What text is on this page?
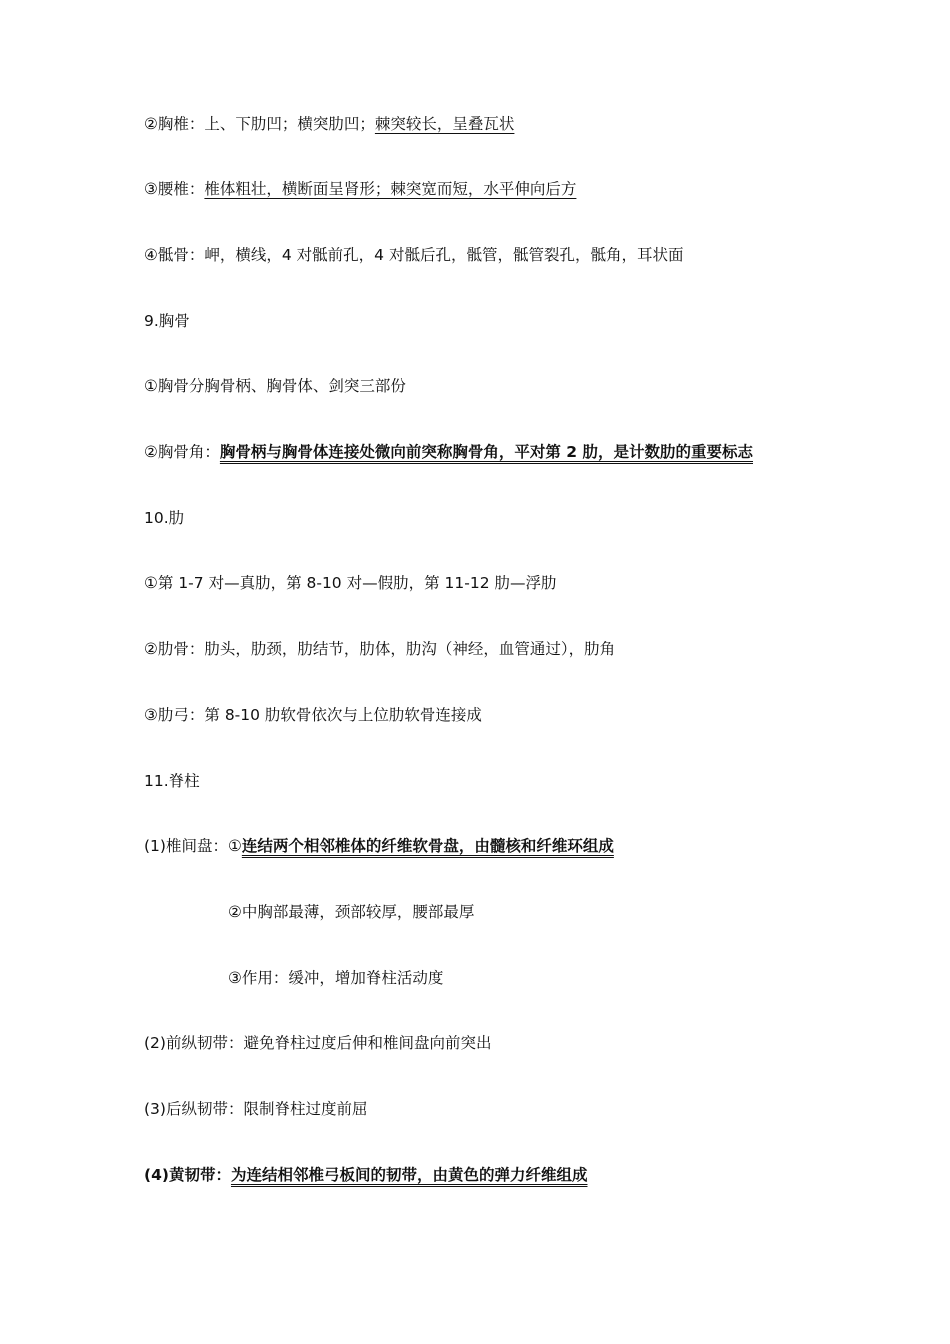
②胸椎：上、下肋凹；横突肋凹；棘突较长，呈叠瓦状
③腰椎：椎体粗壮，横断面呈肾形；棘突宽而短，水平伸向后方
④骶骨：岬，横线，4 对骶前孔，4 对骶后孔，骶管，骶管裂孔，骶角，耳状面
9.胸骨
①胸骨分胸骨柄、胸骨体、剑突三部份
②胸骨角：胸骨柄与胸骨体连接处微向前突称胸骨角，平对第 2 肋，是计数肋的重要标志
10.肋
①第 1-7 对—真肋，第 8-10 对—假肋，第 11-12 肋—浮肋
②肋骨：肋头，肋颈，肋结节，肋体，肋沟（神经，血管通过），肋角
③肋弓：第 8-10 肋软骨依次与上位肋软骨连接成
11.脊柱
(1)椎间盘：①连结两个相邻椎体的纤维软骨盘，由髓核和纤维环组成
②中胸部最薄，颈部较厚，腰部最厚
③作用：缓冲，增加脊柱活动度
(2)前纵韧带：避免脊柱过度后伸和椎间盘向前突出
(3)后纵韧带：限制脊柱过度前屈
(4)黄韧带：为连结相邻椎弓板间的韧带，由黄色的弹力纤维组成
